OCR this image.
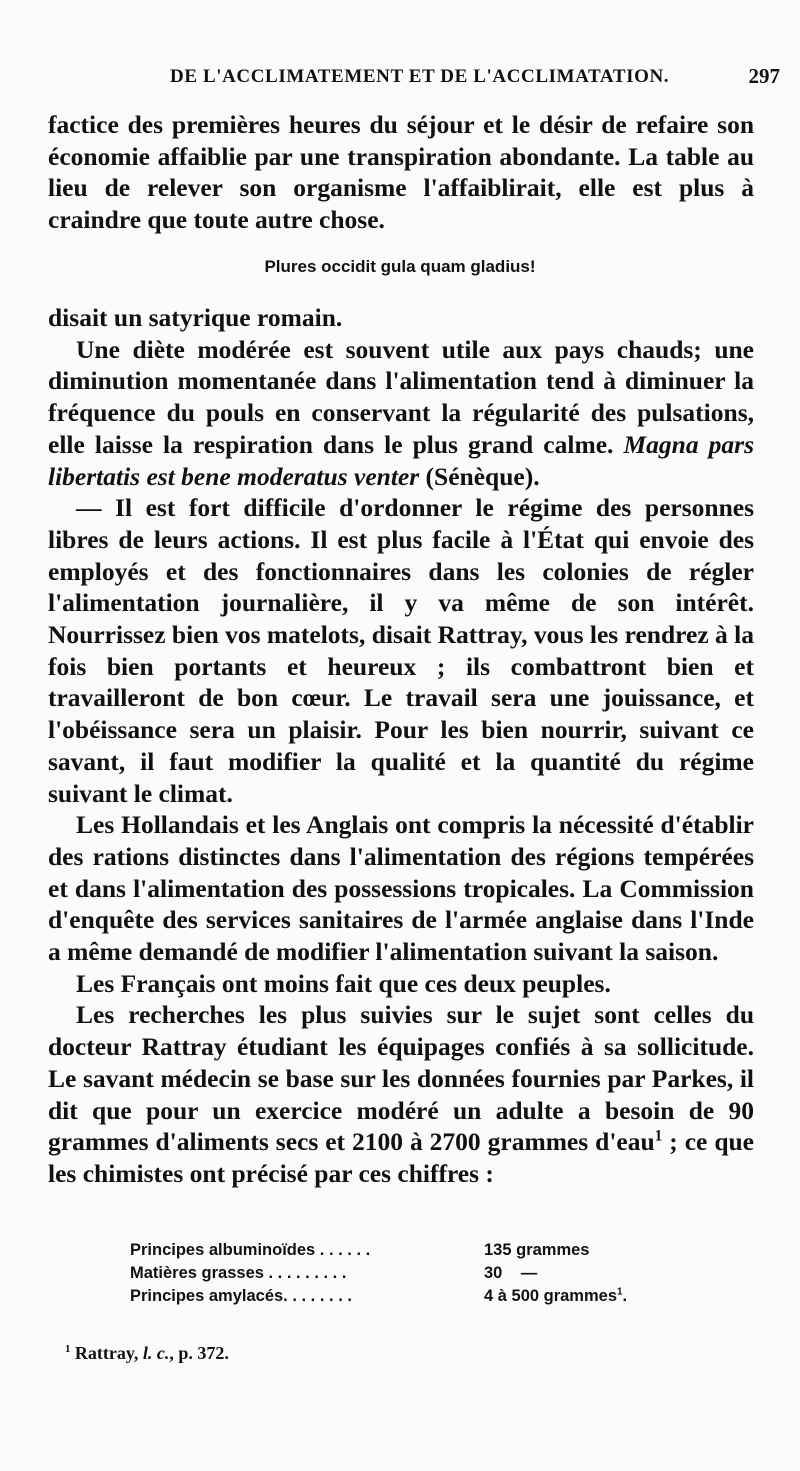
DE L'ACCLIMATEMENT ET DE L'ACCLIMATATION.	297

factice des premières heures du séjour et le désir de refaire son économie affaiblie par une transpiration abondante. La table au lieu de relever son organisme l'affaiblirait, elle est plus à craindre que toute autre chose.

Plures occidit gula quam gladius!

disait un satyrique romain.

Une diète modérée est souvent utile aux pays chauds; une diminution momentanée dans l'alimentation tend à diminuer la fréquence du pouls en conservant la régularité des pulsations, elle laisse la respiration dans le plus grand calme. Magna pars libertatis est bene moderatus venter (Sénèque).

— Il est fort difficile d'ordonner le régime des personnes libres de leurs actions. Il est plus facile à l'État qui envoie des employés et des fonctionnaires dans les colonies de régler l'alimentation journalière, il y va même de son intérêt. Nourrissez bien vos matelots, disait Rattray, vous les rendrez à la fois bien portants et heureux ; ils combattront bien et travailleront de bon cœur. Le travail sera une jouissance, et l'obéissance sera un plaisir. Pour les bien nourrir, suivant ce savant, il faut modifier la qualité et la quantité du régime suivant le climat.

Les Hollandais et les Anglais ont compris la nécessité d'établir des rations distinctes dans l'alimentation des régions tempérées et dans l'alimentation des possessions tropicales. La Commission d'enquête des services sanitaires de l'armée anglaise dans l'Inde a même demandé de modifier l'alimentation suivant la saison.

Les Français ont moins fait que ces deux peuples.

Les recherches les plus suivies sur le sujet sont celles du docteur Rattray étudiant les équipages confiés à sa sollicitude. Le savant médecin se base sur les données fournies par Parkes, il dit que pour un exercice modéré un adulte a besoin de 90 grammes d'aliments secs et 2100 à 2700 grammes d'eau$^1$ ; ce que les chimistes ont précisé par ces chiffres :

Principes albuminoïdes . . . . . .	135 grammes
Matières grasses . . . . . . . . .	30    —
Principes amylacés. . . . . . . .	4 à 500 grammes$^1$.
$^1$ Rattray, l. c., p. 372.
